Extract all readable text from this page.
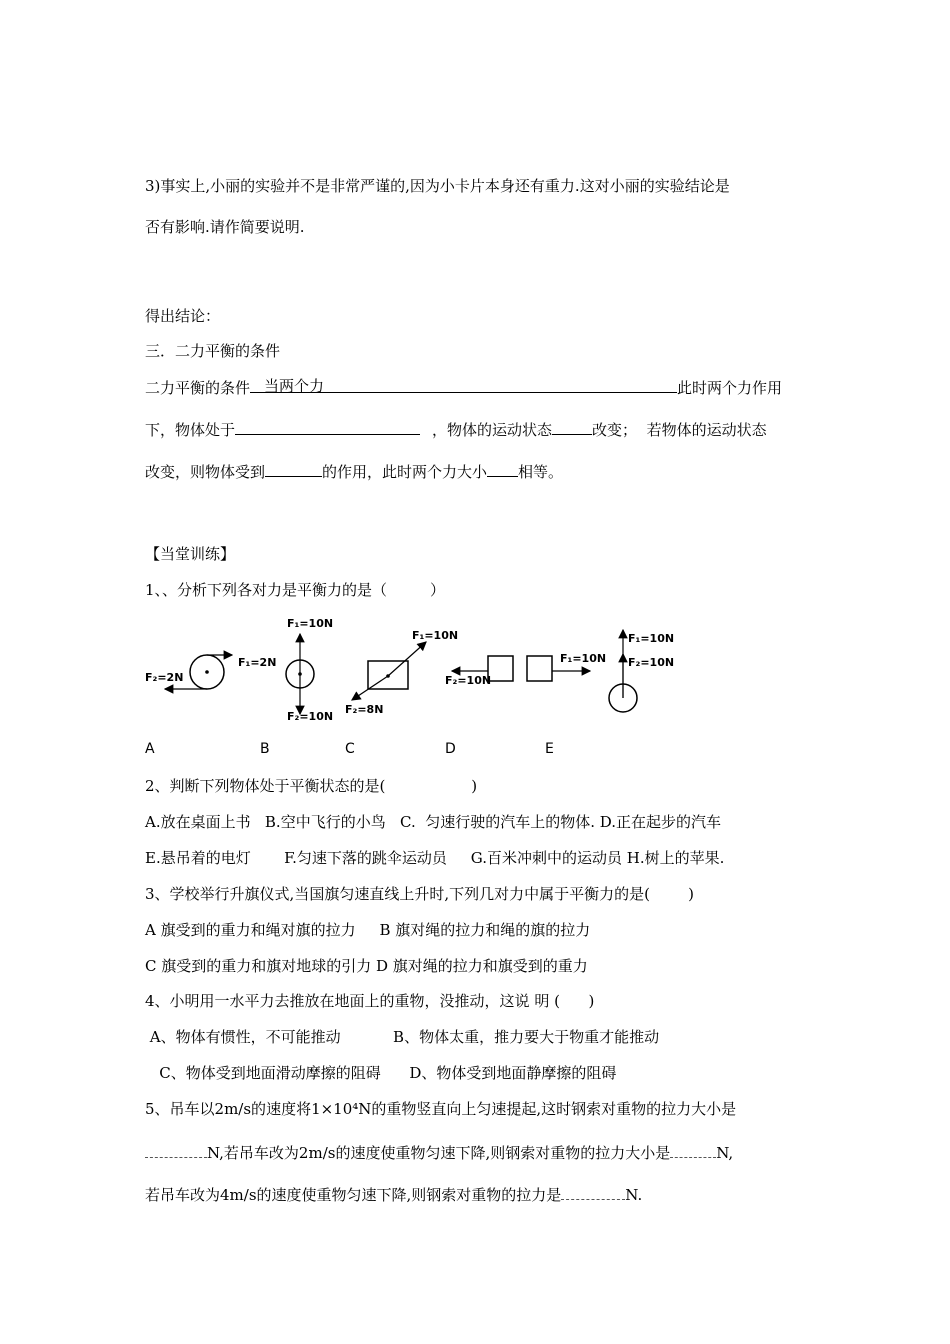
3)事实上,小丽的实验并不是非常严谨的,因为小卡片本身还有重力.这对小丽的实验结论是
否有影响.请作简要说明.
得出结论：
三．二力平衡的条件
二力平衡的条件 当两个力	此时两个力作用
下，物体处于	，物体的运动状态	改变；  若物体的运动状态
改变，则物体受到	的作用，此时两个力大小 相等。
【当堂训练】
1、、分析下列各对力是平衡力的是（         ）
F₁=2N
F₂=2N
F₁=10N
F₂=10N
F₁=10N
F₂=8N
F₁=10N
F₂=10N
F₁=10N
F₂=10N
A	B	C	D	E
2、判断下列物体处于平衡状态的是(                  )
A.放在桌面上书   B.空中飞行的小鸟   C.  匀速行驶的汽车上的物体. D.正在起步的汽车
E.悬吊着的电灯       F.匀速下落的跳伞运动员     G.百米冲刺中的运动员 H.树上的苹果.
3、学校举行升旗仪式,当国旗匀速直线上升时,下列几对力中属于平衡力的是(        )
A 旗受到的重力和绳对旗的拉力     B 旗对绳的拉力和绳的旗的拉力
C 旗受到的重力和旗对地球的引力 D 旗对绳的拉力和旗受到的重力
4、小明用一水平力去推放在地面上的重物，没推动，这说 明 (      )
A、物体有惯性，不可能推动           B、物体太重，推力要大于物重才能推动
C、物体受到地面滑动摩擦的阻碍      D、物体受到地面静摩擦的阻碍
5、吊车以2m/s的速度将1×10⁴N的重物竖直向上匀速提起,这时钢索对重物的拉力大小是
N,若吊车改为2m/s的速度使重物匀速下降,则钢索对重物的拉力大小是	N,
若吊车改为4m/s的速度使重物匀速下降,则钢索对重物的拉力是	N.
